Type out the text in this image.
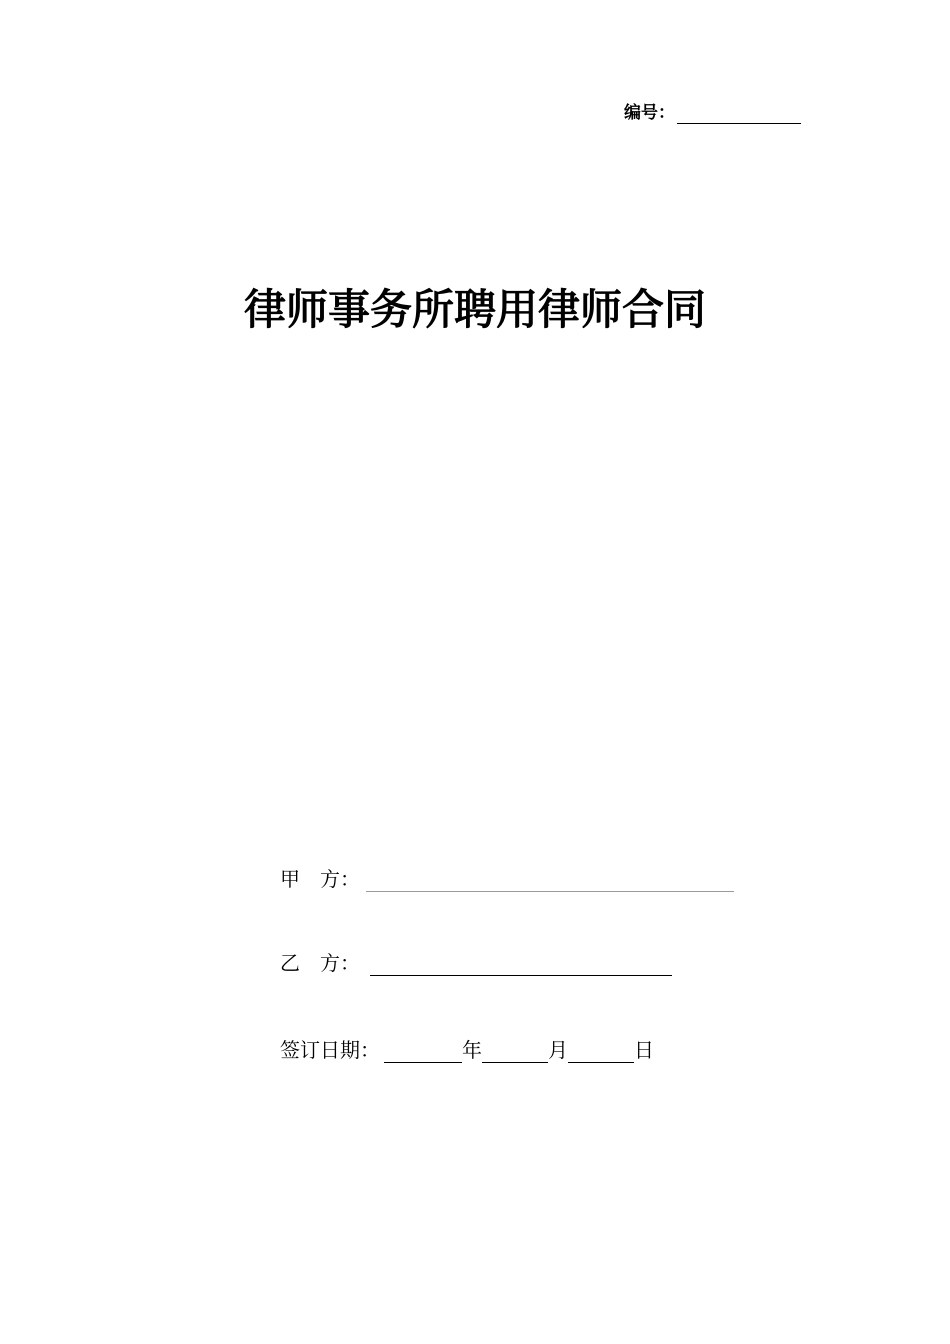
编号：
律师事务所聘用律师合同
甲　方：
乙　方：
签订日期：	年	月	日
